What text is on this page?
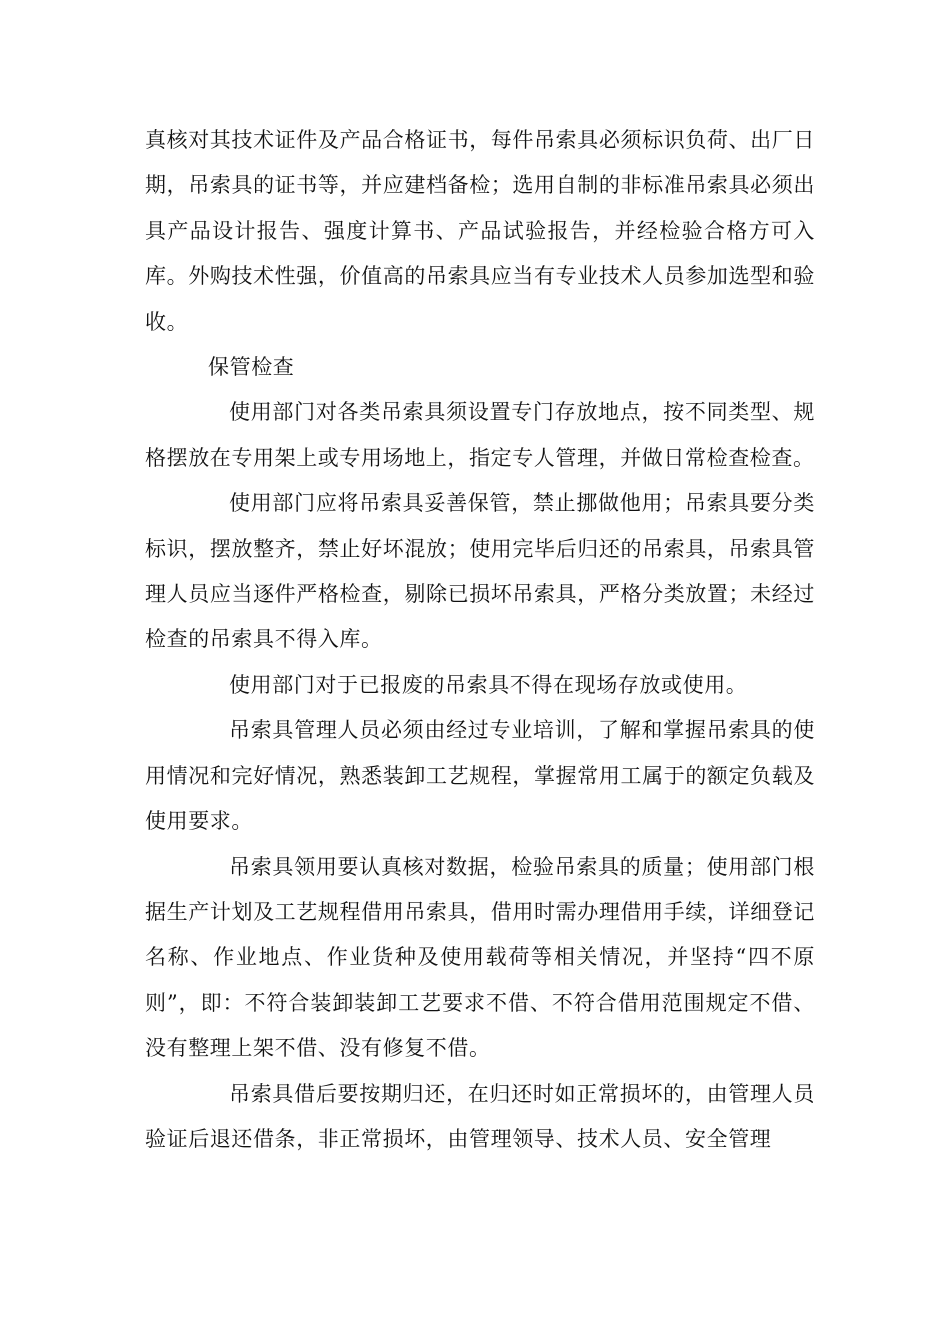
真核对其技术证件及产品合格证书，每件吊索具必须标识负荷、出厂日期，吊索具的证书等，并应建档备检；选用自制的非标准吊索具必须出具产品设计报告、强度计算书、产品试验报告，并经检验合格方可入库。外购技术性强，价值高的吊索具应当有专业技术人员参加选型和验收。

保管检查

使用部门对各类吊索具须设置专门存放地点，按不同类型、规格摆放在专用架上或专用场地上，指定专人管理，并做日常检查检查。

使用部门应将吊索具妥善保管，禁止挪做他用；吊索具要分类标识，摆放整齐，禁止好坏混放；使用完毕后归还的吊索具，吊索具管理人员应当逐件严格检查，剔除已损坏吊索具，严格分类放置；未经过检查的吊索具不得入库。

使用部门对于已报废的吊索具不得在现场存放或使用。

吊索具管理人员必须由经过专业培训，了解和掌握吊索具的使用情况和完好情况，熟悉装卸工艺规程，掌握常用工属于的额定负载及使用要求。

吊索具领用要认真核对数据，检验吊索具的质量；使用部门根据生产计划及工艺规程借用吊索具，借用时需办理借用手续，详细登记名称、作业地点、作业货种及使用载荷等相关情况，并坚持“四不原则”，即：不符合装卸装卸工艺要求不借、不符合借用范围规定不借、没有整理上架不借、没有修复不借。

吊索具借后要按期归还，在归还时如正常损坏的，由管理人员验证后退还借条，非正常损坏，由管理领导、技术人员、安全管理
